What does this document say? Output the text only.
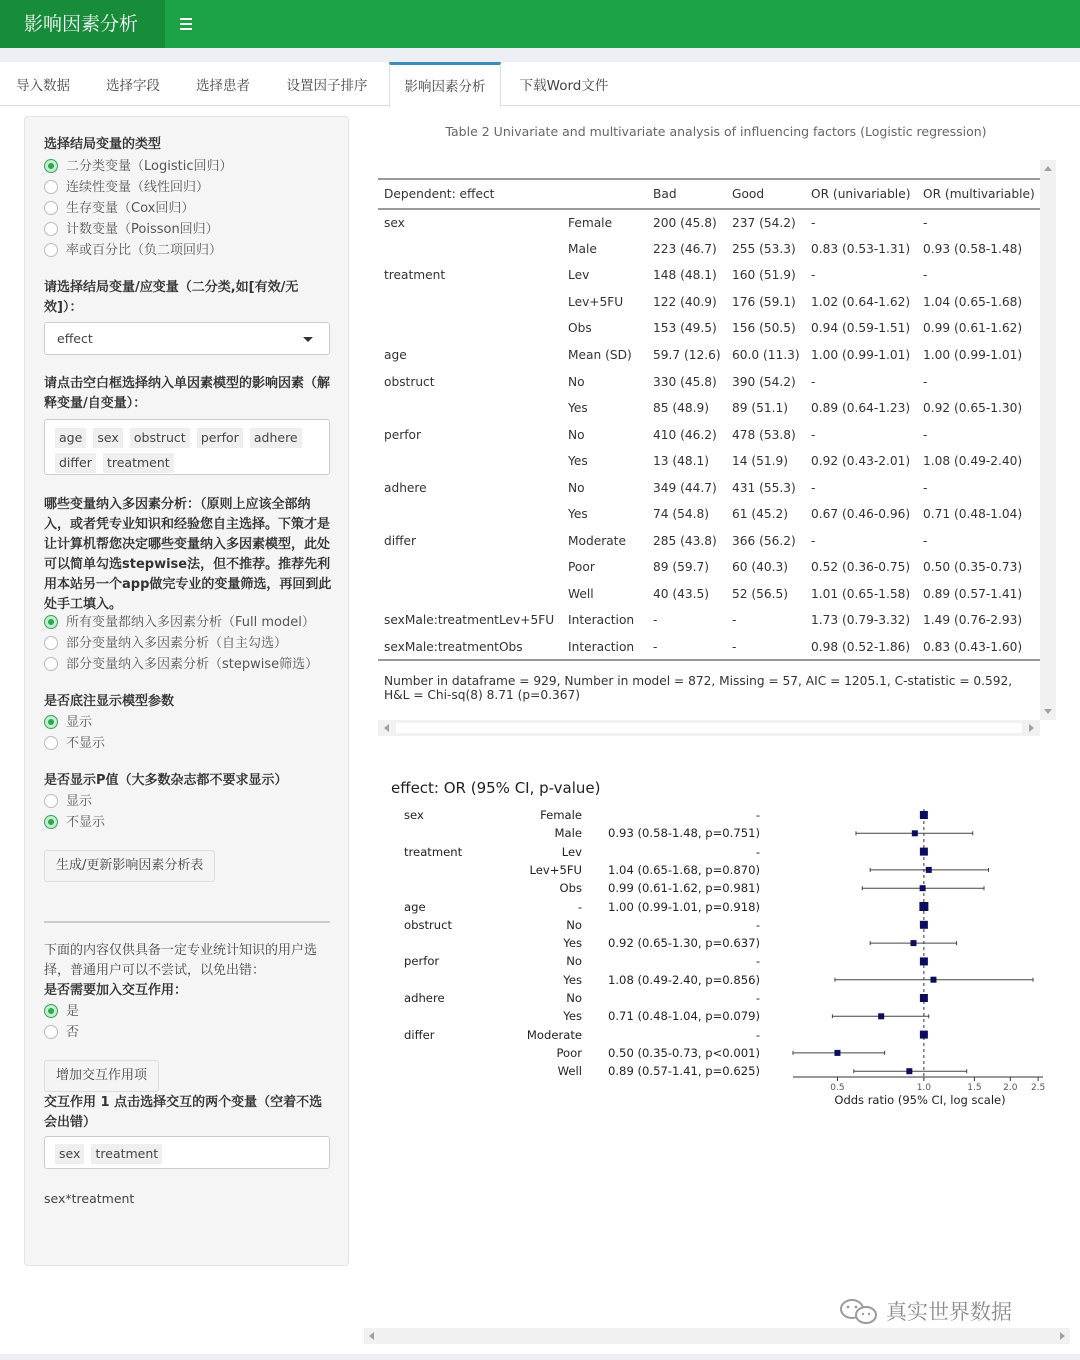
影响因素分析
导入数据	选择字段	选择患者	设置因子排序	影响因素分析	下载Word文件
选择结局变量的类型
二分类变量（Logistic回归）
连续性变量（线性回归）
生存变量（Cox回归）
计数变量（Poisson回归）
率或百分比（负二项回归）
请选择结局变量/应变量（二分类,如[有效/无效]）：
effect
请点击空白框选择纳入单因素模型的影响因素（解释变量/自变量）：
age sex obstruct perfor adhere differ treatment
哪些变量纳入多因素分析：（原则上应该全部纳入，或者凭专业知识和经验您自主选择。下策才是让计算机帮您决定哪些变量纳入多因素模型，此处可以简单勾选stepwise法，但不推荐。推荐先利用本站另一个app做完专业的变量筛选，再回到此处手工填入。
所有变量都纳入多因素分析（Full model）
部分变量纳入多因素分析（自主勾选）
部分变量纳入多因素分析（stepwise筛选）
是否底注显示模型参数
显示
不显示
是否显示P值（大多数杂志都不要求显示）
显示
不显示
生成/更新影响因素分析表
下面的内容仅供具备一定专业统计知识的用户选择，普通用户可以不尝试，以免出错：
是否需要加入交互作用：
是
否
增加交互作用项
交互作用 1 点击选择交互的两个变量（空着不选会出错）
sex treatment
sex*treatment
Table 2 Univariate and multivariate analysis of influencing factors (Logistic regression)
Dependent: effect		Bad	Good	OR (univariable)	OR (multivariable)
sex	Female	200 (45.8)	237 (54.2)	-	-
	Male	223 (46.7)	255 (53.3)	0.83 (0.53-1.31)	0.93 (0.58-1.48)
treatment	Lev	148 (48.1)	160 (51.9)	-	-
	Lev+5FU	122 (40.9)	176 (59.1)	1.02 (0.64-1.62)	1.04 (0.65-1.68)
	Obs	153 (49.5)	156 (50.5)	0.94 (0.59-1.51)	0.99 (0.61-1.62)
age	Mean (SD)	59.7 (12.6)	60.0 (11.3)	1.00 (0.99-1.01)	1.00 (0.99-1.01)
obstruct	No	330 (45.8)	390 (54.2)	-	-
	Yes	85 (48.9)	89 (51.1)	0.89 (0.64-1.23)	0.92 (0.65-1.30)
perfor	No	410 (46.2)	478 (53.8)	-	-
	Yes	13 (48.1)	14 (51.9)	0.92 (0.43-2.01)	1.08 (0.49-2.40)
adhere	No	349 (44.7)	431 (55.3)	-	-
	Yes	74 (54.8)	61 (45.2)	0.67 (0.46-0.96)	0.71 (0.48-1.04)
differ	Moderate	285 (43.8)	366 (56.2)	-	-
	Poor	89 (59.7)	60 (40.3)	0.52 (0.36-0.75)	0.50 (0.35-0.73)
	Well	40 (43.5)	52 (56.5)	1.01 (0.65-1.58)	0.89 (0.57-1.41)
sexMale:treatmentLev+5FU	Interaction	-	-	1.73 (0.79-3.32)	1.49 (0.76-2.93)
sexMale:treatmentObs	Interaction	-	-	0.98 (0.52-1.86)	0.83 (0.43-1.60)
Number in dataframe = 929, Number in model = 872, Missing = 57, AIC = 1205.1, C-statistic = 0.592, H&L = Chi-sq(8) 8.71 (p=0.367)
effect: OR (95% CI, p-value)
0.5	1.0	1.5 2.0 2.5
Odds ratio (95% CI, log scale)
sex	Female	-
Male 0.93 (0.58-1.48, p=0.751)
treatment	Lev	-
Lev+5FU 1.04 (0.65-1.68, p=0.870)
Obs 0.99 (0.61-1.62, p=0.981)
age	- 1.00 (0.99-1.01, p=0.918)
obstruct	No	-
Yes 0.92 (0.65-1.30, p=0.637)
perfor	No	-
Yes 1.08 (0.49-2.40, p=0.856)
adhere	No	-
Yes 0.71 (0.48-1.04, p=0.079)
differ	Moderate	-
Poor 0.50 (0.35-0.73, p<0.001)
Well 0.89 (0.57-1.41, p=0.625)
真实世界数据
